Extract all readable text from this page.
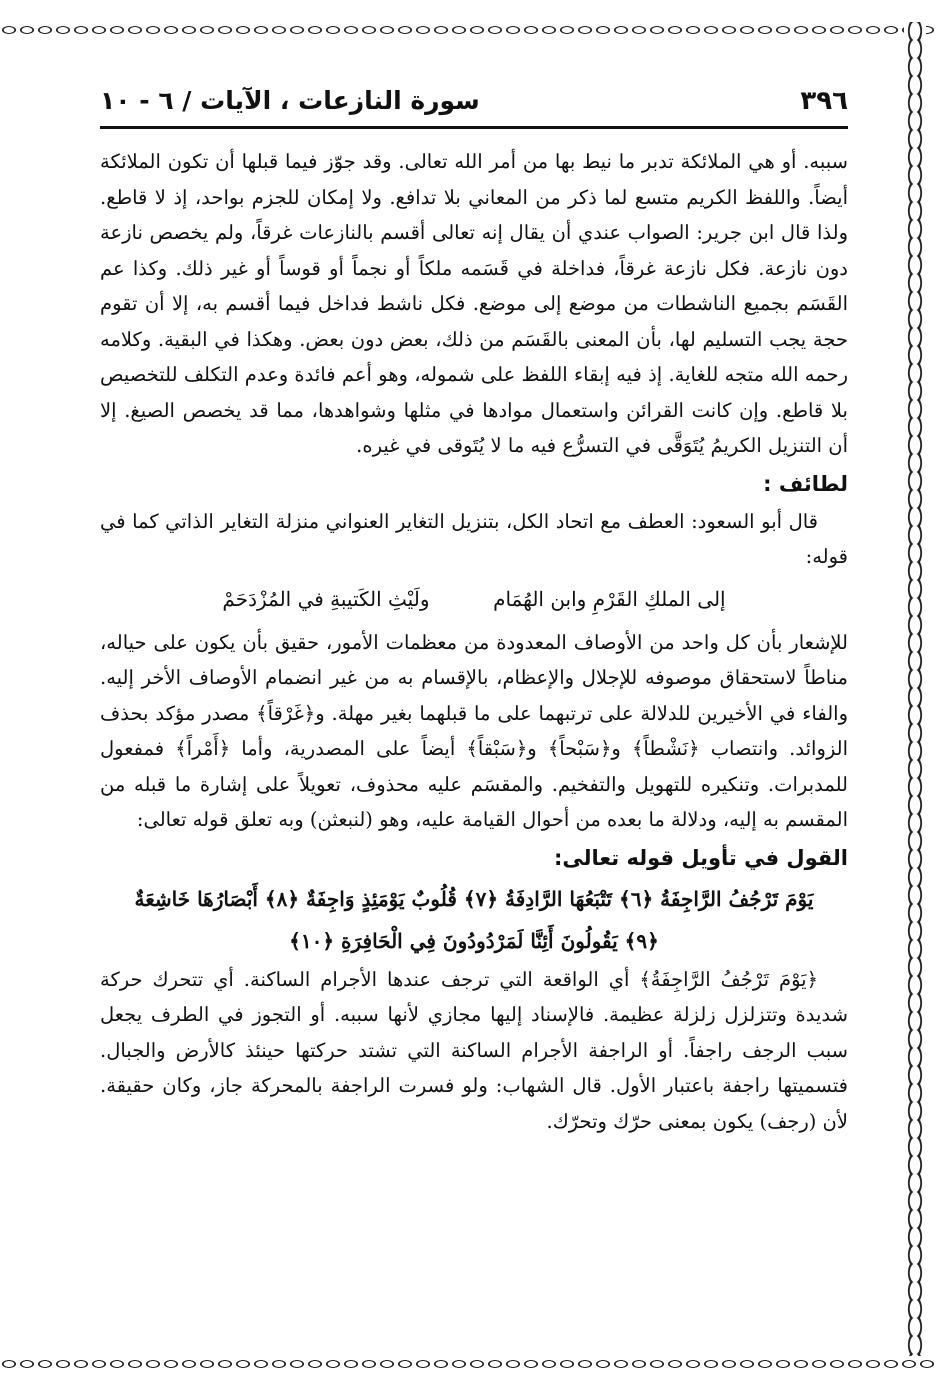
٣٩٦
سورة النازعات ، الآيات / ٦ - ١٠

سببه. أو هي الملائكة تدبر ما نيط بها من أمر الله تعالى. وقد جوّز فيما قبلها أن تكون الملائكة أيضاً. واللفظ الكريم متسع لما ذكر من المعاني بلا تدافع. ولا إمكان للجزم بواحد، إذ لا قاطع. ولذا قال ابن جرير: الصواب عندي أن يقال إنه تعالى أقسم بالنازعات غرقاً، ولم يخصص نازعة دون نازعة. فكل نازعة غرقاً، فداخلة في قَسَمه ملكاً أو نجماً أو قوساً أو غير ذلك. وكذا عم القَسَم بجميع الناشطات من موضع إلى موضع. فكل ناشط فداخل فيما أقسم به، إلا أن تقوم حجة يجب التسليم لها، بأن المعنى بالقَسَم من ذلك، بعض دون بعض. وهكذا في البقية. وكلامه رحمه الله متجه للغاية. إذ فيه إبقاء اللفظ على شموله، وهو أعم فائدة وعدم التكلف للتخصيص بلا قاطع. وإن كانت القرائن واستعمال موادها في مثلها وشواهدها، مما قد يخصص الصيغ. إلا أن التنزيل الكريمُ يُتَوَقَّى في التسرُّع فيه ما لا يُتَوقى في غيره.

لطائف :

قال أبو السعود: العطف مع اتحاد الكل، بتنزيل التغاير العنواني منزلة التغاير الذاتي كما في قوله:

إلى الملكِ القَرْمِ وابن الهُمَام          ولَيْثِ الكَتيبةِ في المُزْدَحَمْ

للإشعار بأن كل واحد من الأوصاف المعدودة من معظمات الأمور، حقيق بأن يكون على حياله، مناطاً لاستحقاق موصوفه للإجلال والإعظام، بالإقسام به من غير انضمام الأوصاف الأخر إليه. والفاء في الأخيرين للدلالة على ترتبهما على ما قبلهما بغير مهلة. و﴿غَرْقاً﴾ مصدر مؤكد بحذف الزوائد. وانتصاب ﴿نَشْطاً﴾ و﴿سَبْحاً﴾ و﴿سَبْقاً﴾ أيضاً على المصدرية، وأما ﴿أَمْراً﴾ فمفعول للمدبرات. وتنكيره للتهويل والتفخيم. والمقسَم عليه محذوف، تعويلاً على إشارة ما قبله من المقسم به إليه، ودلالة ما بعده من أحوال القيامة عليه، وهو (لنبعثن) وبه تعلق قوله تعالى:

القول في تأويل قوله تعالى:

يَوْمَ تَرْجُفُ الرَّاجِفَةُ ﴿٦﴾ تَتْبَعُهَا الرَّادِفَةُ ﴿٧﴾ قُلُوبٌ يَوْمَئِذٍ وَاجِفَةٌ ﴿٨﴾ أَبْصَارُهَا خَاشِعَةٌ

﴿٩﴾ يَقُولُونَ أَئِنَّا لَمَرْدُودُونَ فِي الْحَافِرَةِ ﴿١٠﴾

﴿يَوْمَ تَرْجُفُ الرَّاجِفَةُ﴾ أي الواقعة التي ترجف عندها الأجرام الساكنة. أي تتحرك حركة شديدة وتتزلزل زلزلة عظيمة. فالإسناد إليها مجازي لأنها سببه. أو التجوز في الطرف يجعل سبب الرجف راجفاً. أو الراجفة الأجرام الساكنة التي تشتد حركتها حينئذ كالأرض والجبال. فتسميتها راجفة باعتبار الأول. قال الشهاب: ولو فسرت الراجفة بالمحركة جاز، وكان حقيقة. لأن (رجف) يكون بمعنى حرّك وتحرّك.
